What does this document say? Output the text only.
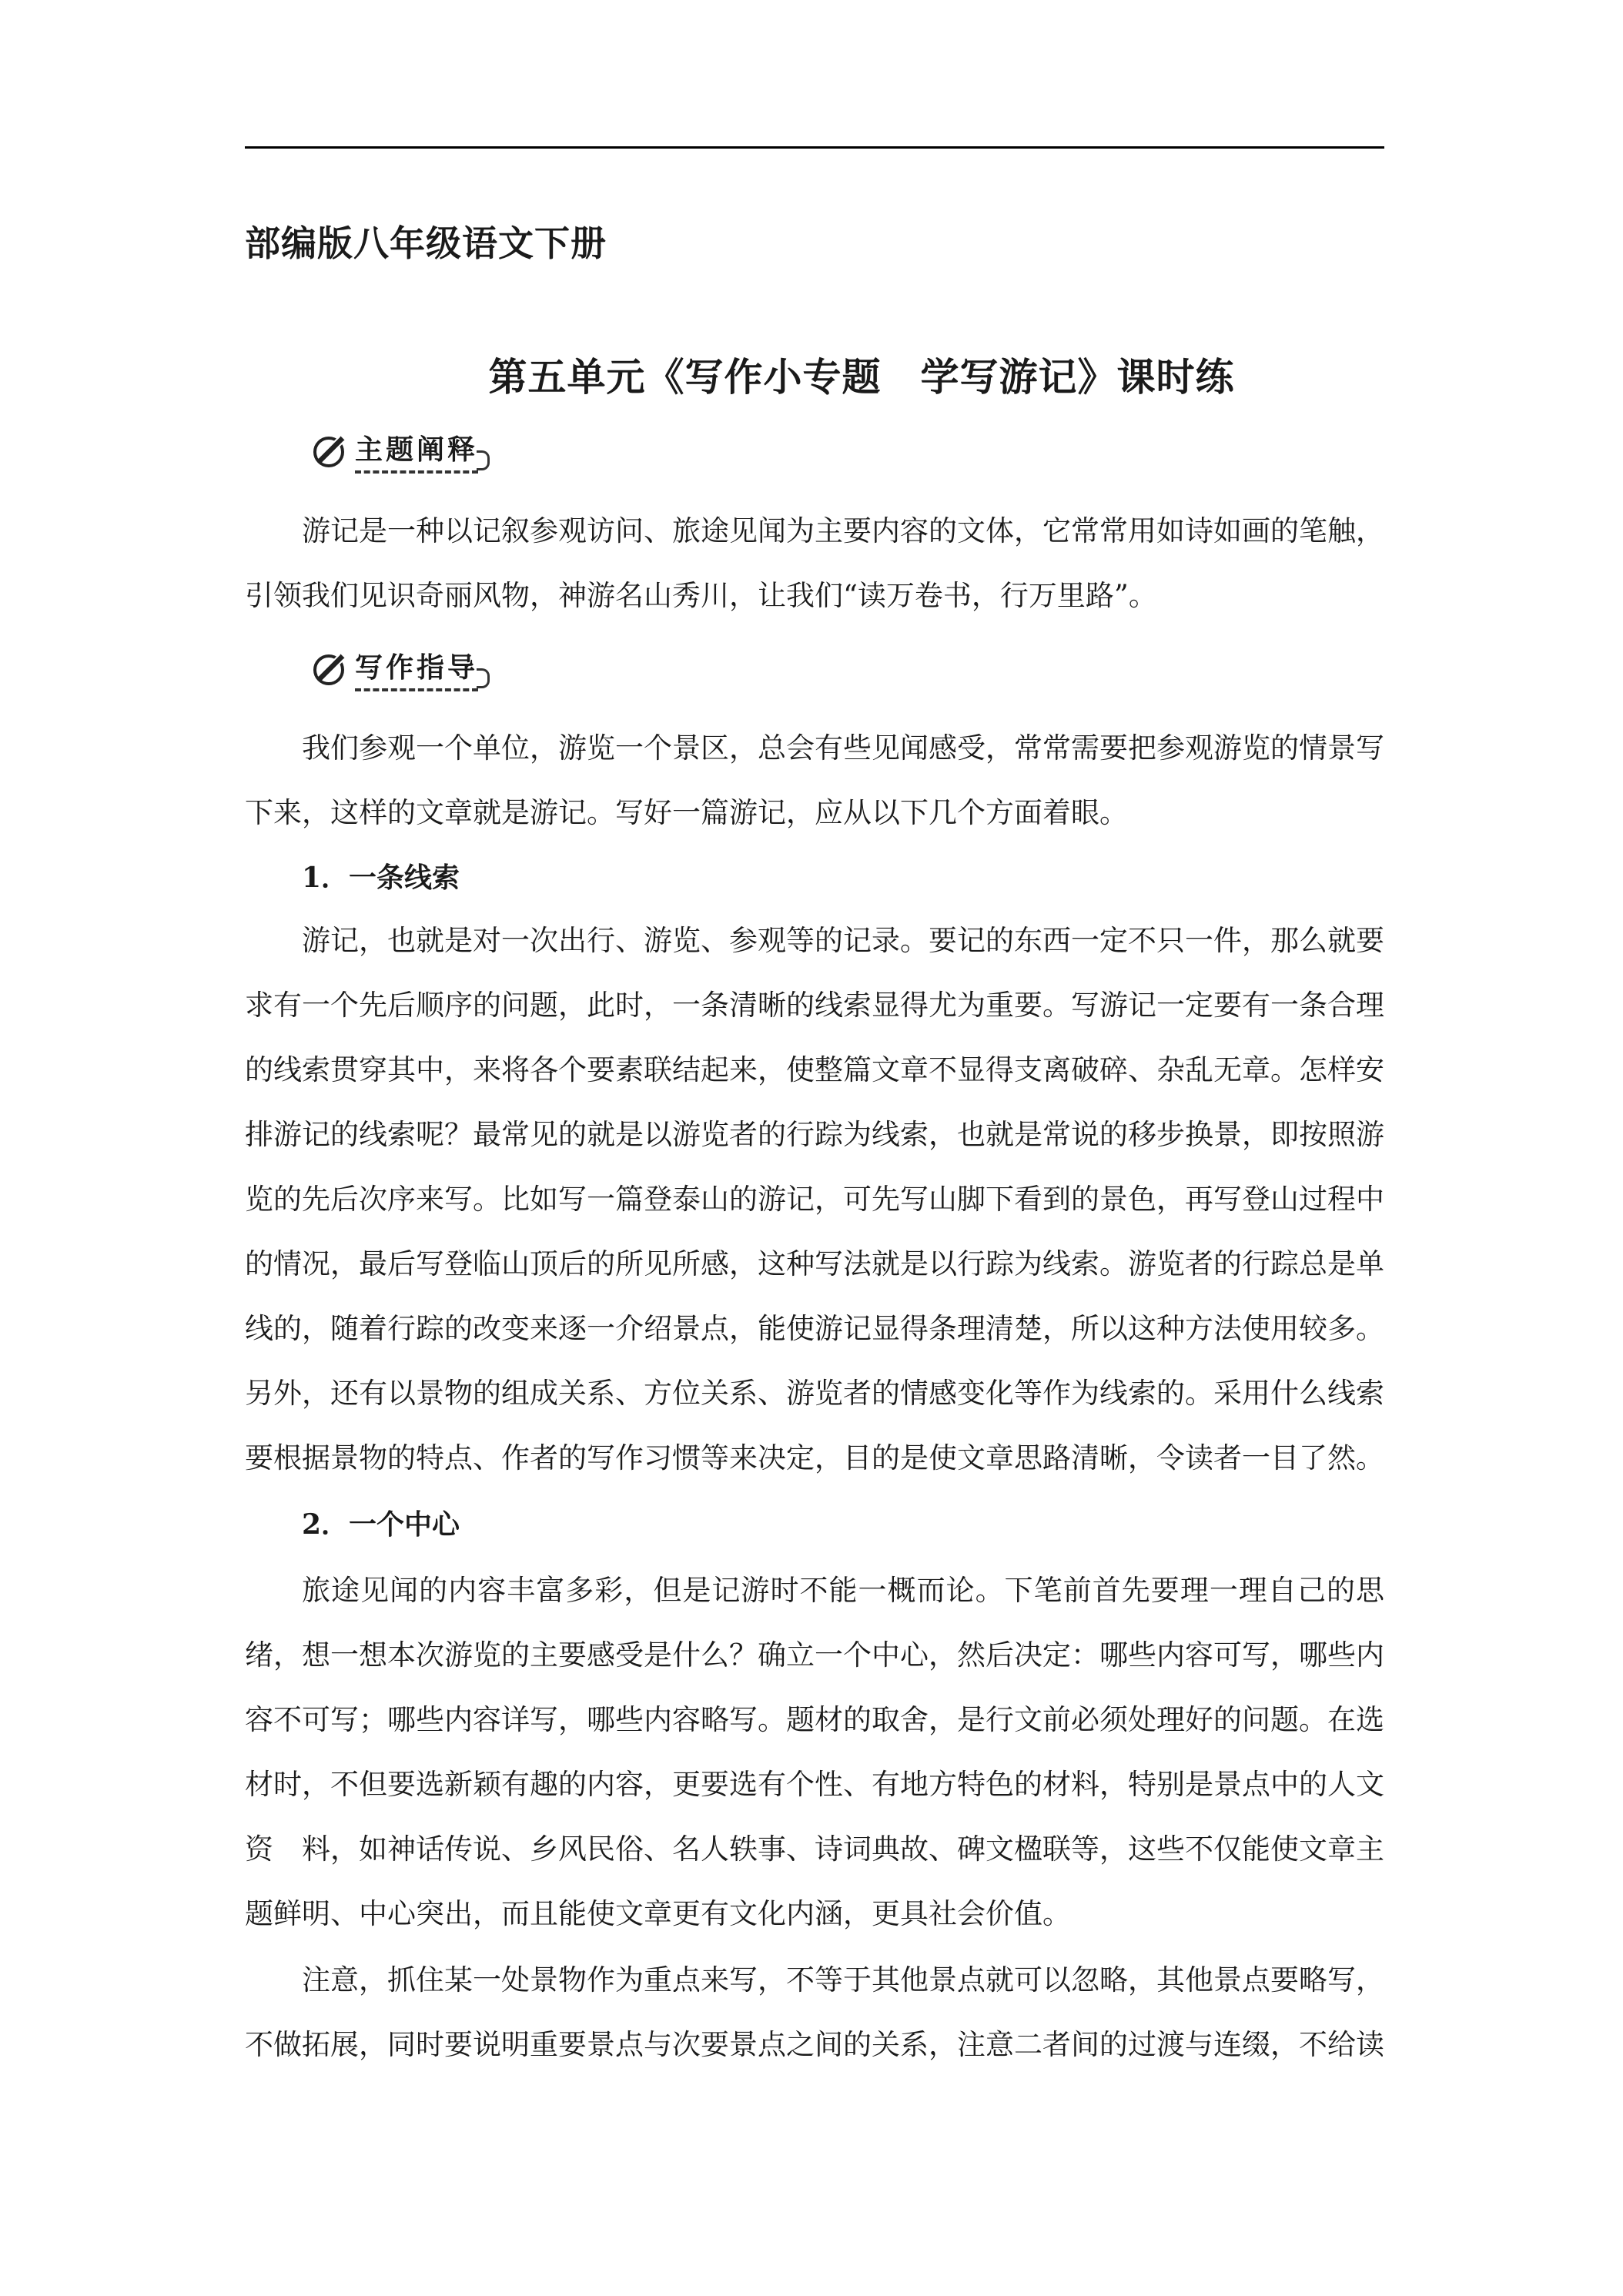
部编版八年级语文下册
第五单元《写作小专题　学写游记》课时练
主题阐释
游记是一种以记叙参观访问、旅途见闻为主要内容的文体，它常常用如诗如画的笔触，引领我们见识奇丽风物，神游名山秀川，让我们“读万卷书，行万里路”。
写作指导
我们参观一个单位，游览一个景区，总会有些见闻感受，常常需要把参观游览的情景写下来，这样的文章就是游记。写好一篇游记，应从以下几个方面着眼。
1．一条线索
游记，也就是对一次出行、游览、参观等的记录。要记的东西一定不只一件，那么就要求有一个先后顺序的问题，此时，一条清晰的线索显得尤为重要。写游记一定要有一条合理的线索贯穿其中，来将各个要素联结起来，使整篇文章不显得支离破碎、杂乱无章。怎样安排游记的线索呢？最常见的就是以游览者的行踪为线索，也就是常说的移步换景，即按照游览的先后次序来写。比如写一篇登泰山的游记，可先写山脚下看到的景色，再写登山过程中的情况，最后写登临山顶后的所见所感，这种写法就是以行踪为线索。游览者的行踪总是单线的，随着行踪的改变来逐一介绍景点，能使游记显得条理清楚，所以这种方法使用较多。另外，还有以景物的组成关系、方位关系、游览者的情感变化等作为线索的。采用什么线索要根据景物的特点、作者的写作习惯等来决定，目的是使文章思路清晰，令读者一目了然。
2．一个中心
旅途见闻的内容丰富多彩，但是记游时不能一概而论。下笔前首先要理一理自己的思绪，想一想本次游览的主要感受是什么？确立一个中心，然后决定：哪些内容可写，哪些内容不可写；哪些内容详写，哪些内容略写。题材的取舍，是行文前必须处理好的问题。在选材时，不但要选新颖有趣的内容，更要选有个性、有地方特色的材料，特别是景点中的人文资	料，如神话传说、乡风民俗、名人轶事、诗词典故、碑文楹联等，这些不仅能使文章主题鲜明、中心突出，而且能使文章更有文化内涵，更具社会价值。
注意，抓住某一处景物作为重点来写，不等于其他景点就可以忽略，其他景点要略写，不做拓展，同时要说明重要景点与次要景点之间的关系，注意二者间的过渡与连缀，不给读
